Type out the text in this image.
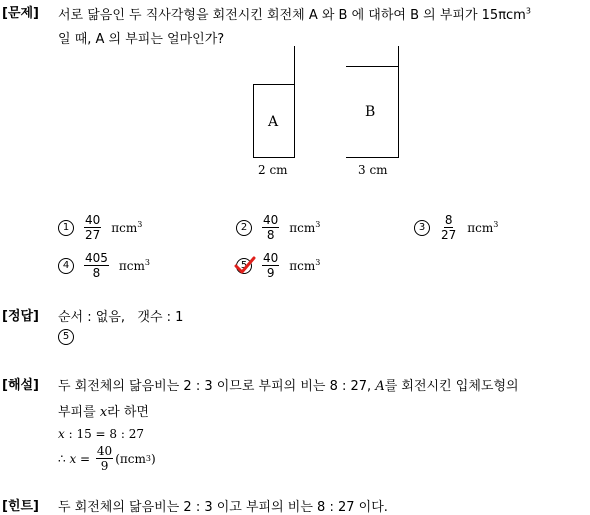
[문제] 서로 닮음인 두 직사각형을 회전시킨 회전체 A 와 B 에 대하여 B 의 부피가 15πcm$^3$
일 때, A 의 부피는 얼마인가?
A
2 cm
B
3 cm
1	$\frac{40}{27} \pi cm^3$	2	$\frac{40}{8} \pi cm^3$	3	$\frac{8}{27} \pi cm^3$
4	$\frac{405}{8} \pi cm^3$	5	$\frac{40}{9} \pi cm^3$
[정답] 순서 : 없음,   갯수 : 1
5
[해설] 두 회전체의 닮음비는 2 : 3 이므로 부피의 비는 8 : 27, A를 회전시킨 입체도형의
부피를 x라 하면
x : 15 = 8 : 27
∴ $x = \frac{40}{9} (\pi cm$ 3 )
[힌트] 두 회전체의 닮음비는 2 : 3 이고 부피의 비는 8 : 27 이다.
